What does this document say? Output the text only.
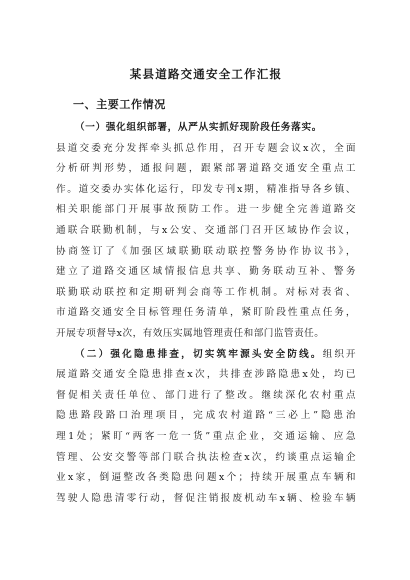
某县道路交通安全工作汇报
一、主要工作情况
（一）强化组织部署，从严从实抓好现阶段任务落实。
县道交委充分发挥牵头抓总作用，召开专题会议x次，全面
分析研判形势，通报问题，跟紧部署道路交通安全重点工
作。道交委办实体化运行，印发专刊x期，精准指导各乡镇、
相关职能部门开展事故预防工作。进一步健全完善道路交
通联合联勤机制，与x公安、交通部门召开区域协作会议，
协商签订了《加强区域联勤联动联控警务协作协议书》，
建立了道路交通区域情报信息共享、勤务联动互补、警务
联勤联动联控和定期研判会商等工作机制。对标对表省、
市道路交通安全目标管理任务清单，紧盯阶段性重点任务，
开展专项督导x次，有效压实属地管理责任和部门监管责任。
（二）强化隐患排查，切实筑牢源头安全防线。组织开
展道路交通安全隐患排查x次，共排查涉路隐患x处，均已
督促相关责任单位、部门进行了整改。继续深化农村重点
隐患路段路口治理项目，完成农村道路“三必上”隐患治
理1处；紧盯“两客一危一货”重点企业，交通运输、应急
管理、公安交警等部门联合执法检查x次，约谈重点运输企
业x家，倒逼整改各类隐患问题x个；持续开展重点车辆和
驾驶人隐患清零行动，督促注销报废机动车x辆、检验车辆
